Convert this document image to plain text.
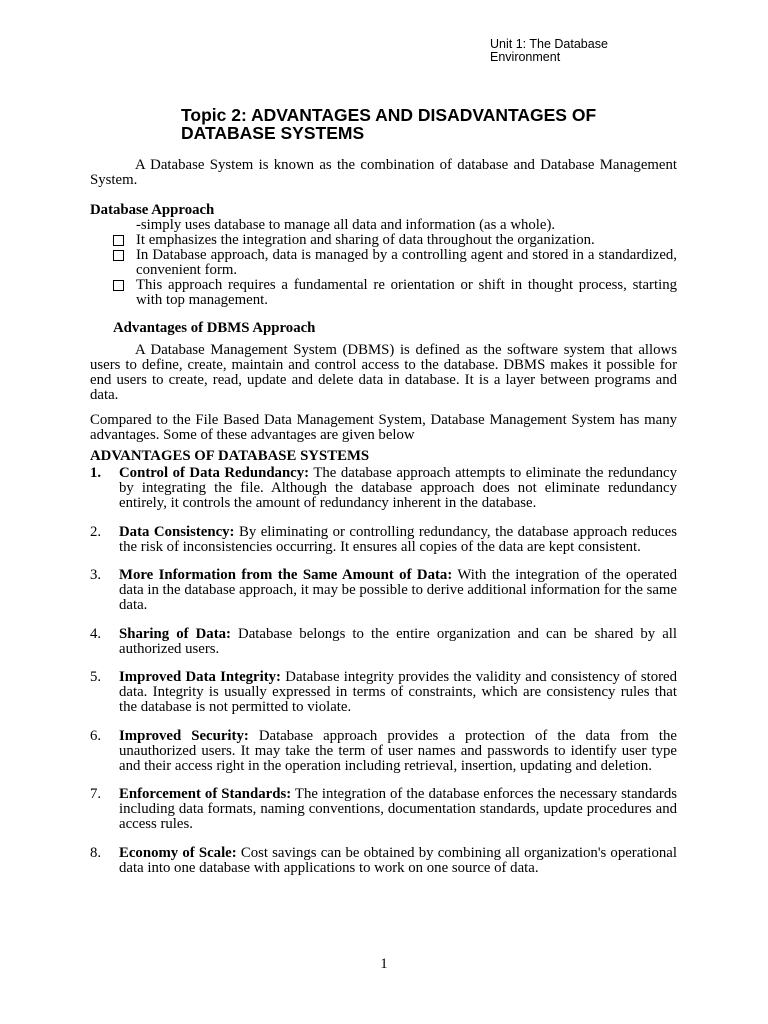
Unit 1: The Database
Environment
Topic 2: ADVANTAGES AND DISADVANTAGES OF
DATABASE SYSTEMS
A Database System is known as the combination of database and Database Management System.
Database Approach
-simply uses database to manage all data and information (as a whole).
It emphasizes the integration and sharing of data throughout the organization.
In Database approach, data is managed by a controlling agent and stored in a standardized, convenient form.
This approach requires a fundamental re orientation or shift in thought process, starting with top management.
Advantages of DBMS Approach
A Database Management System (DBMS) is defined as the software system that allows users to define, create, maintain and control access to the database. DBMS makes it possible for end users to create, read, update and delete data in database. It is a layer between programs and data.
Compared to the File Based Data Management System, Database Management System has many advantages. Some of these advantages are given below
ADVANTAGES OF DATABASE SYSTEMS
1. Control of Data Redundancy: The database approach attempts to eliminate the redundancy by integrating the file. Although the database approach does not eliminate redundancy entirely, it controls the amount of redundancy inherent in the database.
2. Data Consistency: By eliminating or controlling redundancy, the database approach reduces the risk of inconsistencies occurring. It ensures all copies of the data are kept consistent.
3. More Information from the Same Amount of Data: With the integration of the operated data in the database approach, it may be possible to derive additional information for the same data.
4. Sharing of Data: Database belongs to the entire organization and can be shared by all authorized users.
5. Improved Data Integrity: Database integrity provides the validity and consistency of stored data. Integrity is usually expressed in terms of constraints, which are consistency rules that the database is not permitted to violate.
6. Improved Security: Database approach provides a protection of the data from the unauthorized users. It may take the term of user names and passwords to identify user type and their access right in the operation including retrieval, insertion, updating and deletion.
7. Enforcement of Standards: The integration of the database enforces the necessary standards including data formats, naming conventions, documentation standards, update procedures and access rules.
8. Economy of Scale: Cost savings can be obtained by combining all organization's operational data into one database with applications to work on one source of data.
1
